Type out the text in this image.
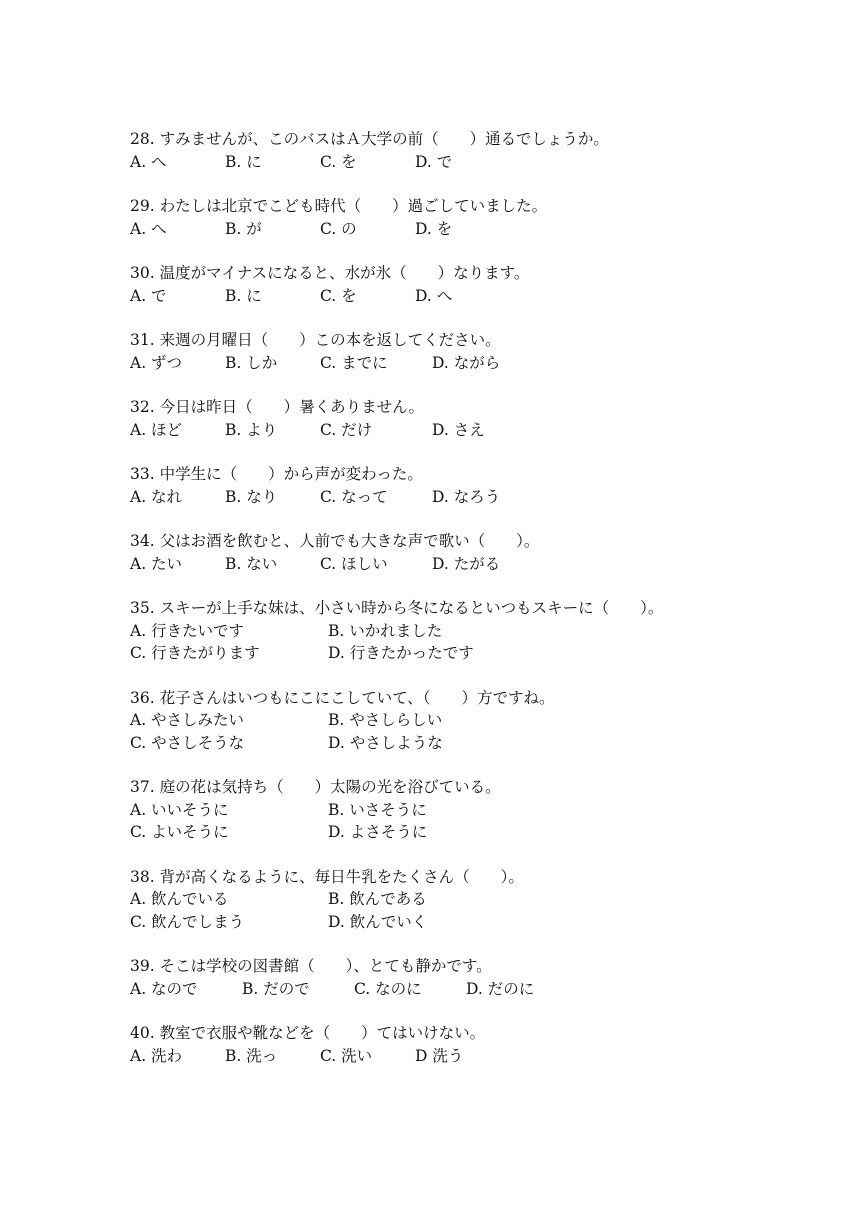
28. すみませんが、このバスはＡ大学の前（　　）通るでしょうか。
A. へ	B. に	C. を	D. で
29. わたしは北京でこども時代（　　）過ごしていました。
A. へ	B. が	C. の	D. を
30. 温度がマイナスになると、水が氷（　　）なります。
A. で	B. に	C. を	D. へ
31. 来週の月曜日（　　）この本を返してください。
A. ずつ	B. しか	C. までに	D. ながら
32. 今日は昨日（　　）暑くありません。
A. ほど	B. より	C. だけ	D. さえ
33. 中学生に（　　）から声が変わった。
A. なれ	B. なり	C. なって	D. なろう
34. 父はお酒を飲むと、人前でも大きな声で歌い（　　）。
A. たい	B. ない	C. ほしい	D. たがる
35. スキーが上手な妹は、小さい時から冬になるといつもスキーに（　　）。
A. 行きたいです	B. いかれました
C. 行きたがります	D. 行きたかったです
36. 花子さんはいつもにこにこしていて、（　　）方ですね。
A. やさしみたい	B. やさしらしい
C. やさしそうな	D. やさしような
37. 庭の花は気持ち（　　）太陽の光を浴びている。
A. いいそうに	B. いさそうに
C. よいそうに	D. よさそうに
38. 背が高くなるように、毎日牛乳をたくさん（　　）。
A. 飲んでいる	B. 飲んである
C. 飲んでしまう	D. 飲んでいく
39. そこは学校の図書館（　　）、とても静かです。
A. なので	B. だので	C. なのに	D. だのに
40. 教室で衣服や靴などを（　　）てはいけない。
A. 洗わ	B. 洗っ	C. 洗い	D 洗う
